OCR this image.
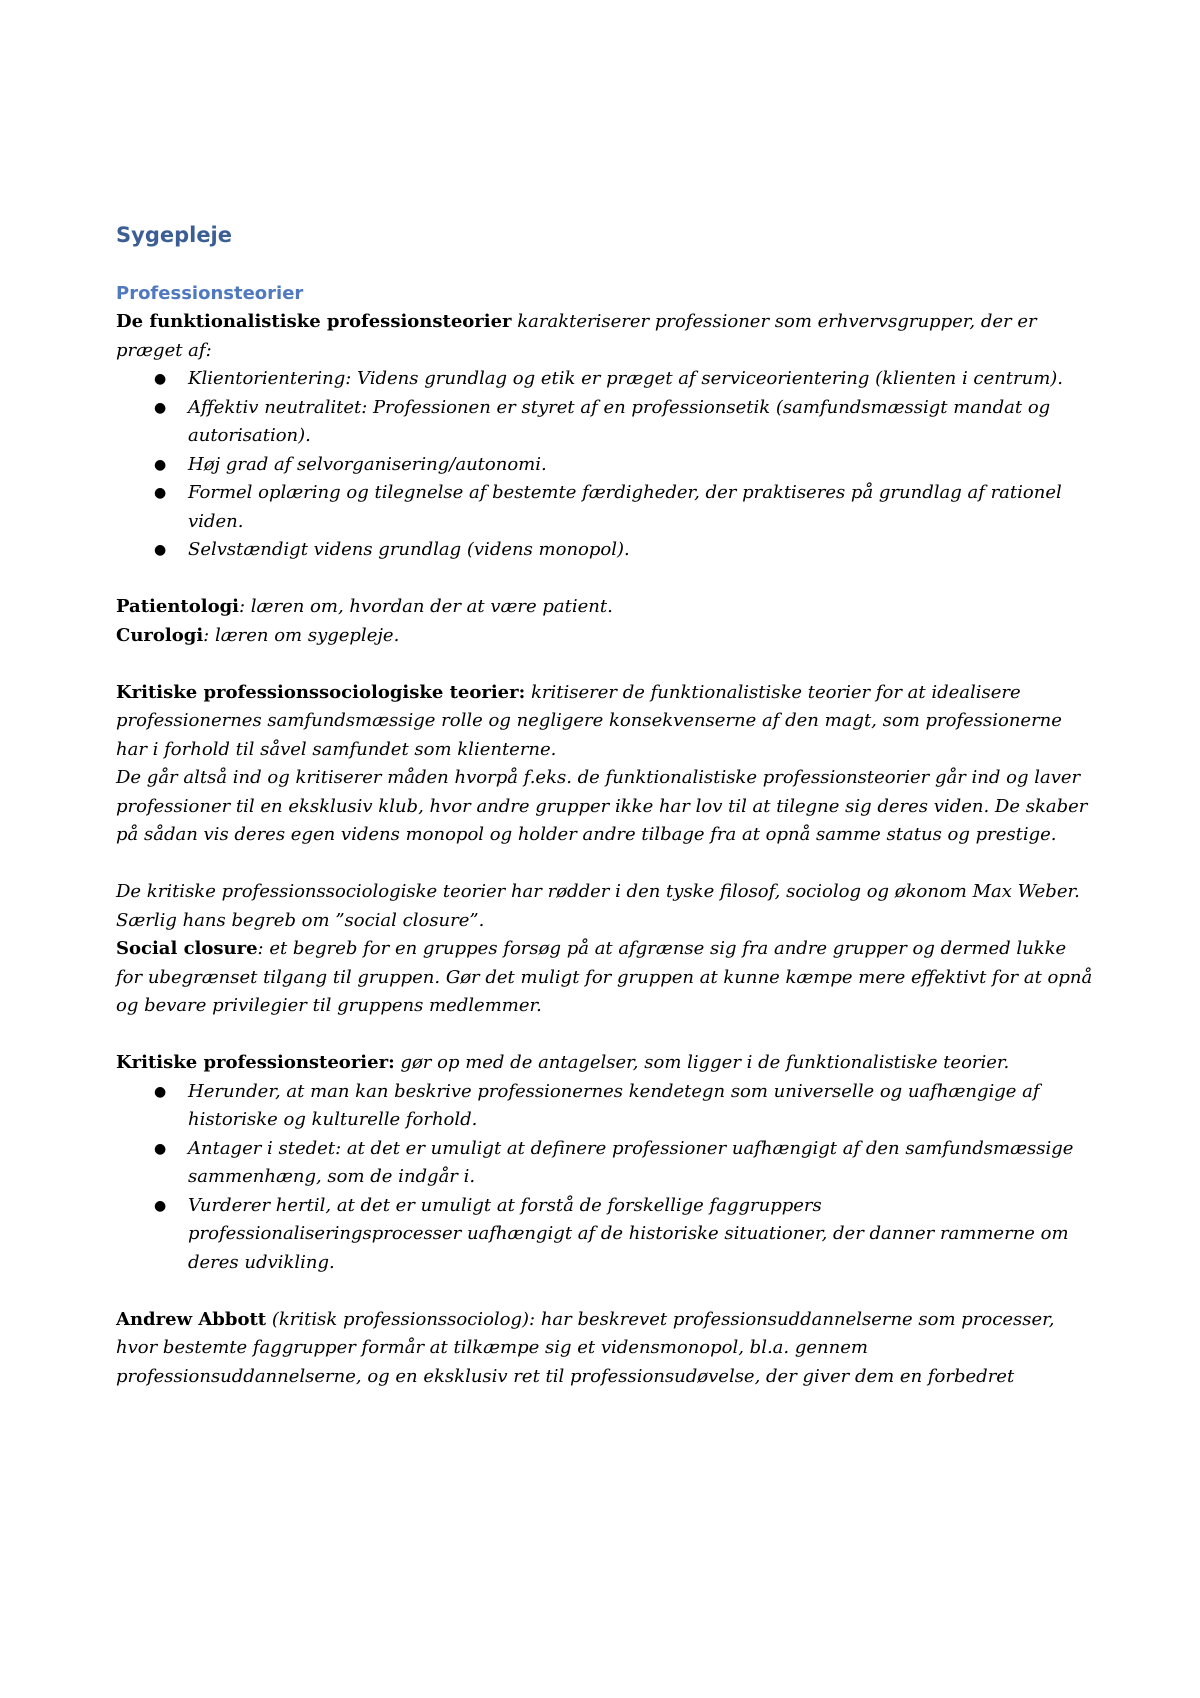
Sygepleje
Professionsteorier

De funktionalistiske professionsteorier karakteriserer professioner som erhvervsgrupper, der er præget af:

● Klientorientering: Videns grundlag og etik er præget af serviceorientering (klienten i centrum).
● Affektiv neutralitet: Professionen er styret af en professionsetik (samfundsmæssigt mandat og autorisation).
● Høj grad af selvorganisering/autonomi.
● Formel oplæring og tilegnelse af bestemte færdigheder, der praktiseres på grundlag af rationel viden.
● Selvstændigt videns grundlag (videns monopol).

Patientologi: læren om, hvordan der at være patient.

Curologi: læren om sygepleje.

Kritiske professionssociologiske teorier: kritiserer de funktionalistiske teorier for at idealisere professionernes samfundsmæssige rolle og negligere konsekvenserne af den magt, som professionerne har i forhold til såvel samfundet som klienterne.

De går altså ind og kritiserer måden hvorpå f.eks. de funktionalistiske professionsteorier går ind og laver professioner til en eksklusiv klub, hvor andre grupper ikke har lov til at tilegne sig deres viden. De skaber på sådan vis deres egen videns monopol og holder andre tilbage fra at opnå samme status og prestige.

De kritiske professionssociologiske teorier har rødder i den tyske filosof, sociolog og økonom Max Weber. Særlig hans begreb om ”social closure”.

Social closure: et begreb for en gruppes forsøg på at afgrænse sig fra andre grupper og dermed lukke for ubegrænset tilgang til gruppen. Gør det muligt for gruppen at kunne kæmpe mere effektivt for at opnå og bevare privilegier til gruppens medlemmer.

Kritiske professionsteorier: gør op med de antagelser, som ligger i de funktionalistiske teorier.

● Herunder, at man kan beskrive professionernes kendetegn som universelle og uafhængige af historiske og kulturelle forhold.
● Antager i stedet: at det er umuligt at definere professioner uafhængigt af den samfundsmæssige sammenhæng, som de indgår i.
● Vurderer hertil, at det er umuligt at forstå de forskellige faggruppers professionaliseringsprocesser uafhængigt af de historiske situationer, der danner rammerne om deres udvikling.

Andrew Abbott (kritisk professionssociolog): har beskrevet professionsuddannelserne som processer, hvor bestemte faggrupper formår at tilkæmpe sig et vidensmonopol, bl.a. gennem professionsuddannelserne, og en eksklusiv ret til professionsudøvelse, der giver dem en forbedret
